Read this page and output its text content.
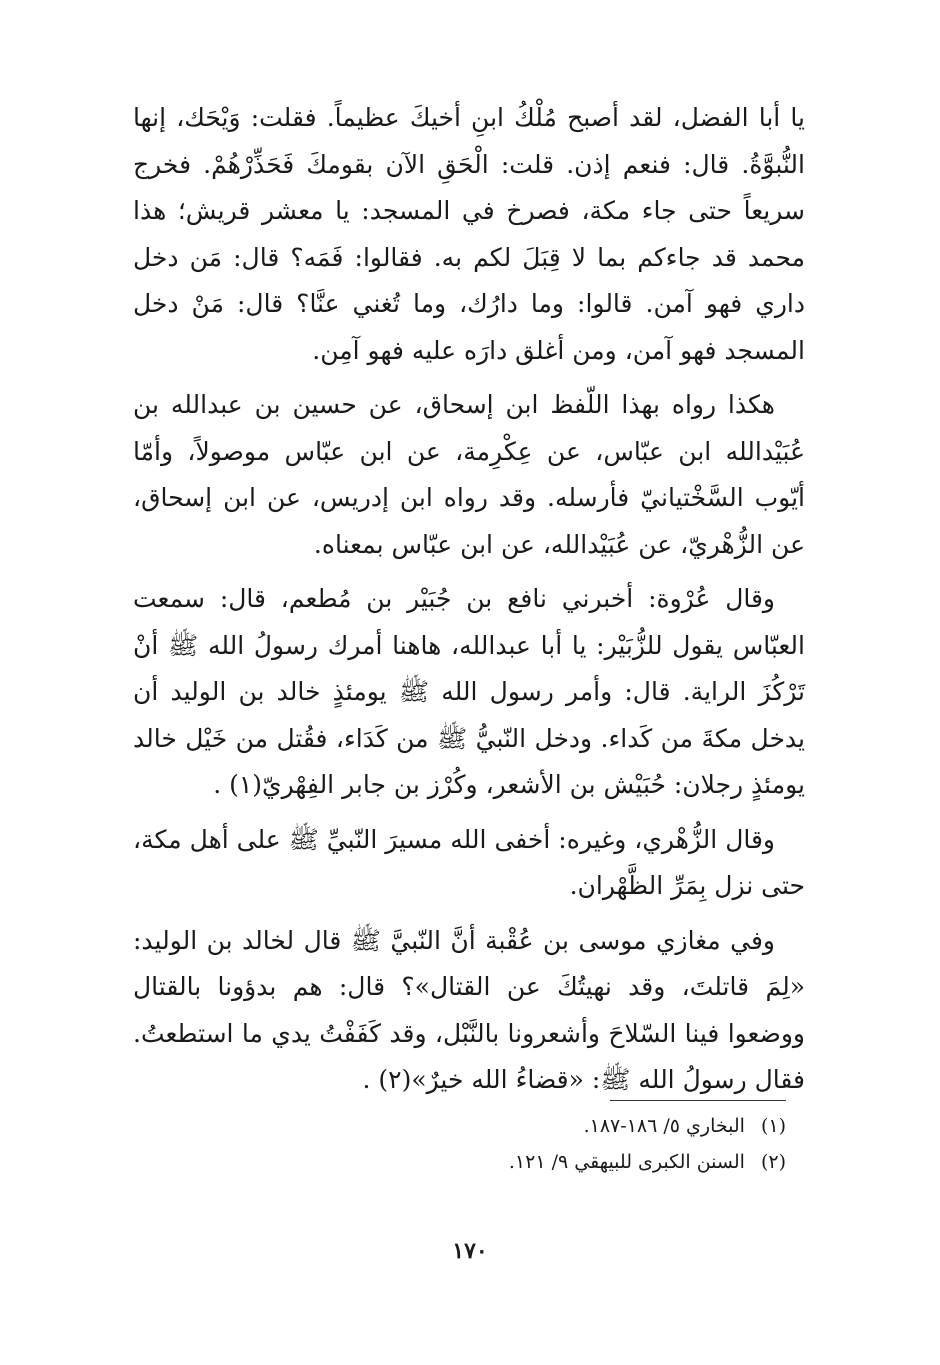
يا أبا الفضل، لقد أصبح مُلْكُ ابنِ أخيكَ عظيماً. فقلت: وَيْحَك، إنها النُّبوَّةُ. قال: فنعم إذن. قلت: الْحَقِ الآن بقومكَ فَحَذِّرْهُمْ. فخرج سريعاً حتى جاء مكة، فصرخ في المسجد: يا معشر قريش؛ هذا محمد قد جاءكم بما لا قِبَلَ لكم به. فقالوا: فَمَه؟ قال: مَن دخل داري فهو آمن. قالوا: وما دارُك، وما تُغني عنَّا؟ قال: مَنْ دخل المسجد فهو آمن، ومن أغلق دارَه عليه فهو آمِن.

هكذا رواه بهذا اللّفظ ابن إسحاق، عن حسين بن عبدالله بن عُبَيْدالله ابن عبّاس، عن عِكْرِمة، عن ابن عبّاس موصولاً، وأمّا أيّوب السَّخْتيانيّ فأرسله. وقد رواه ابن إدريس، عن ابن إسحاق، عن الزُّهْريّ، عن عُبَيْدالله، عن ابن عبّاس بمعناه.

وقال عُرْوة: أخبرني نافع بن جُبَيْر بن مُطعم، قال: سمعت العبّاس يقول للزُّبَيْر: يا أبا عبدالله، هاهنا أمرك رسولُ الله ﷺ أنْ تَرْكُزَ الراية. قال: وأمر رسول الله ﷺ يومئذٍ خالد بن الوليد أن يدخل مكةَ من كَداء. ودخل النّبيُّ ﷺ من كَدَاء، فقُتل من خَيْل خالد يومئذٍ رجلان: حُبَيْش بن الأشعر، وكُرْز بن جابر الفِهْريّ(١) .

وقال الزُّهْري، وغيره: أخفى الله مسيرَ النّبيِّ ﷺ على أهل مكة، حتى نزل بِمَرِّ الظَّهْران.

وفي مغازي موسى بن عُقْبة أنَّ النّبيَّ ﷺ قال لخالد بن الوليد: «لِمَ قاتلتَ، وقد نهيتُكَ عن القتال»؟ قال: هم بدؤونا بالقتال ووضعوا فينا السّلاحَ وأشعرونا بالنَّبْل، وقد كَفَفْتُ يدي ما استطعتُ. فقال رسولُ الله ﷺ: «قضاءُ الله خيرٌ»(٢) .

(١)البخاري ٥/ ١٨٦-١٨٧.

(٢)السنن الكبرى للبيهقي ٩/ ١٢١.

١٧٠
